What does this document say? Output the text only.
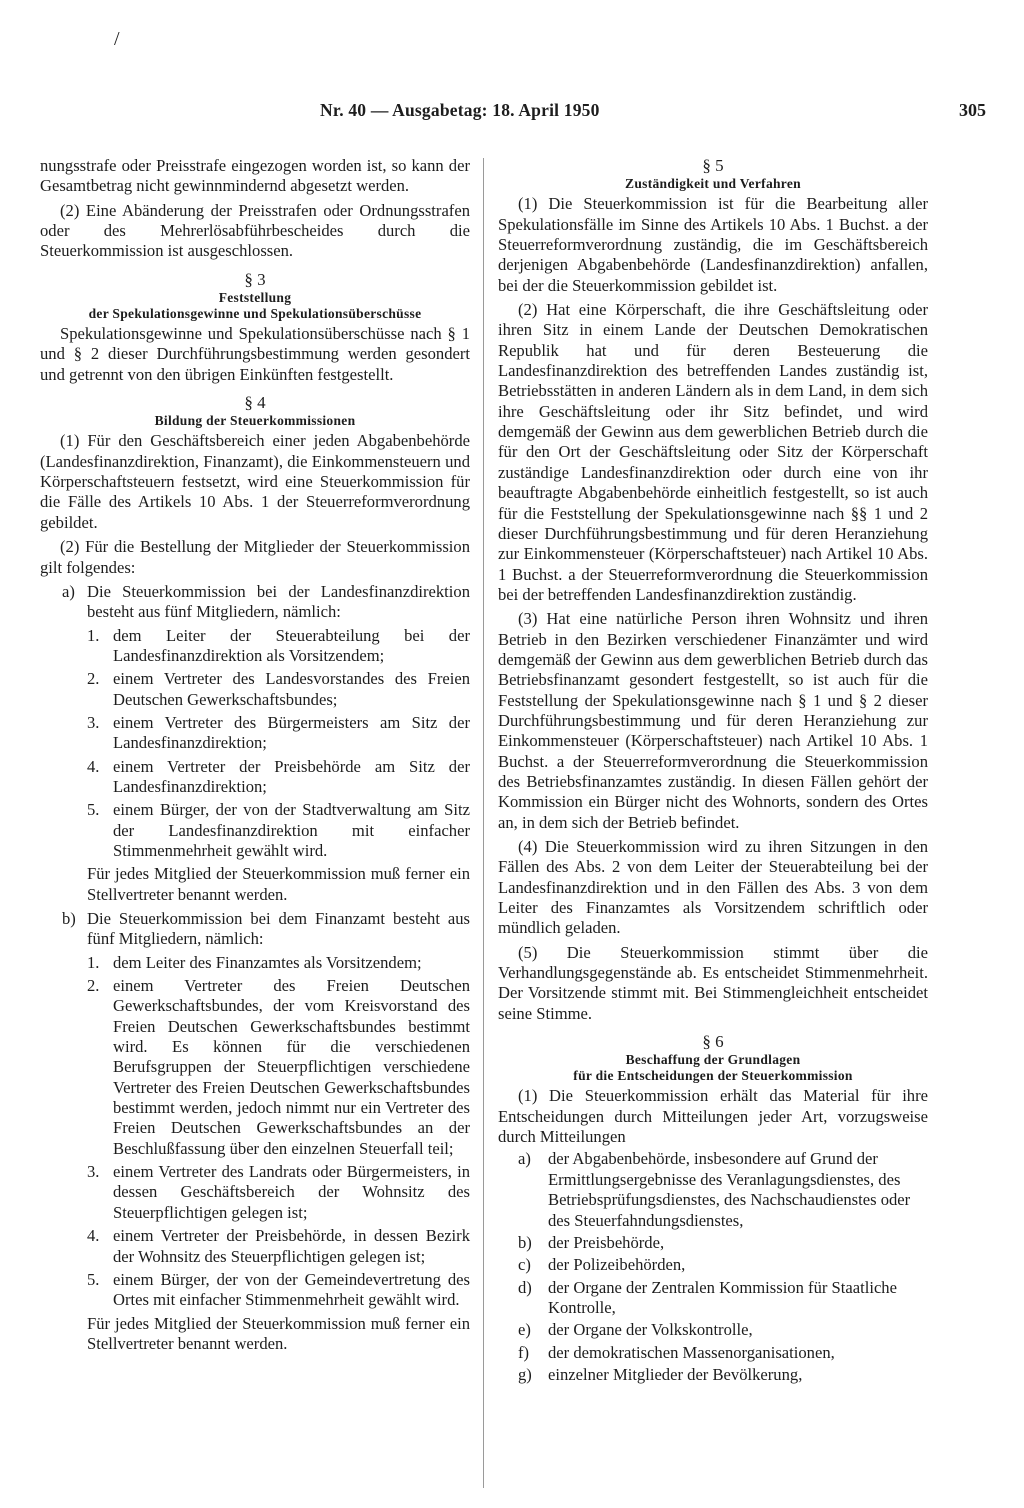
/
Nr. 40 — Ausgabetag: 18. April 1950	305

nungsstrafe oder Preisstrafe eingezogen worden ist, so kann der Gesamtbetrag nicht gewinnmindernd abgesetzt werden.

(2) Eine Abänderung der Preisstrafen oder Ordnungsstrafen oder des Mehrerlösabführbescheides durch die Steuerkommission ist ausgeschlossen.

§ 3
Feststellung
der Spekulationsgewinne und Spekulationsüberschüsse

Spekulationsgewinne und Spekulationsüberschüsse nach § 1 und § 2 dieser Durchführungsbestimmung werden gesondert und getrennt von den übrigen Einkünften festgestellt.

§ 4
Bildung der Steuerkommissionen

(1) Für den Geschäftsbereich einer jeden Abgabenbehörde (Landesfinanzdirektion, Finanzamt), die Einkommensteuern und Körperschaftsteuern festsetzt, wird eine Steuerkommission für die Fälle des Artikels 10 Abs. 1 der Steuerreformverordnung gebildet.

(2) Für die Bestellung der Mitglieder der Steuerkommission gilt folgendes:

a) Die Steuerkommission bei der Landesfinanzdirektion besteht aus fünf Mitgliedern, nämlich:
1. dem Leiter der Steuerabteilung bei der Landesfinanzdirektion als Vorsitzendem;
2. einem Vertreter des Landesvorstandes des Freien Deutschen Gewerkschaftsbundes;
3. einem Vertreter des Bürgermeisters am Sitz der Landesfinanzdirektion;
4. einem Vertreter der Preisbehörde am Sitz der Landesfinanzdirektion;
5. einem Bürger, der von der Stadtverwaltung am Sitz der Landesfinanzdirektion mit einfacher Stimmenmehrheit gewählt wird.
Für jedes Mitglied der Steuerkommission muß ferner ein Stellvertreter benannt werden.
b) Die Steuerkommission bei dem Finanzamt besteht aus fünf Mitgliedern, nämlich:
1. dem Leiter des Finanzamtes als Vorsitzendem;
2. einem Vertreter des Freien Deutschen Gewerkschaftsbundes, der vom Kreisvorstand des Freien Deutschen Gewerkschaftsbundes bestimmt wird. Es können für die verschiedenen Berufsgruppen der Steuerpflichtigen verschiedene Vertreter des Freien Deutschen Gewerkschaftsbundes bestimmt werden, jedoch nimmt nur ein Vertreter des Freien Deutschen Gewerkschaftsbundes an der Beschlußfassung über den einzelnen Steuerfall teil;
3. einem Vertreter des Landrats oder Bürgermeisters, in dessen Geschäftsbereich der Wohnsitz des Steuerpflichtigen gelegen ist;
4. einem Vertreter der Preisbehörde, in dessen Bezirk der Wohnsitz des Steuerpflichtigen gelegen ist;
5. einem Bürger, der von der Gemeindevertretung des Ortes mit einfacher Stimmenmehrheit gewählt wird.
Für jedes Mitglied der Steuerkommission muß ferner ein Stellvertreter benannt werden.
§ 5
Zuständigkeit und Verfahren

(1) Die Steuerkommission ist für die Bearbeitung aller Spekulationsfälle im Sinne des Artikels 10 Abs. 1 Buchst. a der Steuerreformverordnung zuständig, die im Geschäftsbereich derjenigen Abgabenbehörde (Landesfinanzdirektion) anfallen, bei der die Steuerkommission gebildet ist.

(2) Hat eine Körperschaft, die ihre Geschäftsleitung oder ihren Sitz in einem Lande der Deutschen Demokratischen Republik hat und für deren Besteuerung die Landesfinanzdirektion des betreffenden Landes zuständig ist, Betriebsstätten in anderen Ländern als in dem Land, in dem sich ihre Geschäftsleitung oder ihr Sitz befindet, und wird demgemäß der Gewinn aus dem gewerblichen Betrieb durch die für den Ort der Geschäftsleitung oder Sitz der Körperschaft zuständige Landesfinanzdirektion oder durch eine von ihr beauftragte Abgabenbehörde einheitlich festgestellt, so ist auch für die Feststellung der Spekulationsgewinne nach §§ 1 und 2 dieser Durchführungsbestimmung und für deren Heranziehung zur Einkommensteuer (Körperschaftsteuer) nach Artikel 10 Abs. 1 Buchst. a der Steuerreformverordnung die Steuerkommission bei der betreffenden Landesfinanzdirektion zuständig.

(3) Hat eine natürliche Person ihren Wohnsitz und ihren Betrieb in den Bezirken verschiedener Finanzämter und wird demgemäß der Gewinn aus dem gewerblichen Betrieb durch das Betriebsfinanzamt gesondert festgestellt, so ist auch für die Feststellung der Spekulationsgewinne nach § 1 und § 2 dieser Durchführungsbestimmung und für deren Heranziehung zur Einkommensteuer (Körperschaftsteuer) nach Artikel 10 Abs. 1 Buchst. a der Steuerreformverordnung die Steuerkommission des Betriebsfinanzamtes zuständig. In diesen Fällen gehört der Kommission ein Bürger nicht des Wohnorts, sondern des Ortes an, in dem sich der Betrieb befindet.

(4) Die Steuerkommission wird zu ihren Sitzungen in den Fällen des Abs. 2 von dem Leiter der Steuerabteilung bei der Landesfinanzdirektion und in den Fällen des Abs. 3 von dem Leiter des Finanzamtes als Vorsitzendem schriftlich oder mündlich geladen.

(5) Die Steuerkommission stimmt über die Verhandlungsgegenstände ab. Es entscheidet Stimmenmehrheit. Der Vorsitzende stimmt mit. Bei Stimmengleichheit entscheidet seine Stimme.

§ 6
Beschaffung der Grundlagen
für die Entscheidungen der Steuerkommission

(1) Die Steuerkommission erhält das Material für ihre Entscheidungen durch Mitteilungen jeder Art, vorzugsweise durch Mitteilungen

a) der Abgabenbehörde, insbesondere auf Grund der Ermittlungsergebnisse des Veranlagungsdienstes, des Betriebsprüfungsdienstes, des Nachschaudienstes oder des Steuerfahndungsdienstes,
b) der Preisbehörde,
c) der Polizeibehörden,
d) der Organe der Zentralen Kommission für Staatliche Kontrolle,
e) der Organe der Volkskontrolle,
f) der demokratischen Massenorganisationen,
g) einzelner Mitglieder der Bevölkerung,
